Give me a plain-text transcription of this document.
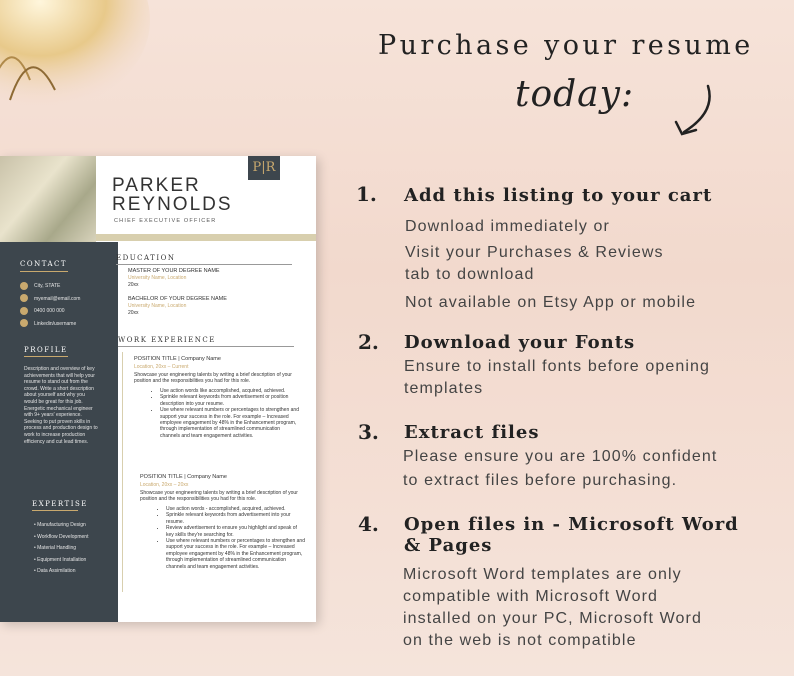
Purchase your resume
today:
P|R
PARKER
REYNOLDS
CHIEF EXECUTIVE OFFICER
CONTACT
City, STATE
myemail@email.com
0400 000 000
Linkedin/username
PROFILE
Description and overview of key achievements that will help your resume to stand out from the crowd. Write a short description about yourself and why you would be great for this job. Energetic mechanical engineer with 9+ years' experience. Seeking to put proven skills in process and production design to work to increase production efficiency and cut lead times.
EXPERTISE
• Manufacturing Design
• Workflow Development
• Material Handling
• Equipment Installation
• Data Assimilation
EDUCATION
MASTER OF YOUR DEGREE NAME
University Name, Location
20xx
BACHELOR OF YOUR DEGREE NAME
University Name, Location
20xx
WORK EXPERIENCE
POSITION TITLE | Company Name
Location, 20xx – Current
Showcase your engineering talents by writing a brief description of your position and the responsibilities you had for this role.
• Use action words like accomplished, acquired, achieved.
• Sprinkle relevant keywords from advertisement or position description into your resume.
• Use where relevant numbers or percentages to strengthen and support your success in the role. For example – Increased employee engagement by 48% in the Enhancement program, through implementation of streamlined communication channels and team engagement activities.
POSITION TITLE | Company Name
Location, 20xx – 20xx
Showcase your engineering talents by writing a brief description of your position and the responsibilities you had for this role.
• Use action words - accomplished, acquired, achieved.
• Sprinkle relevant keywords from advertisement into your resume.
• Review advertisement to ensure you highlight and speak of key skills they're searching for.
• Use where relevant numbers or percentages to strengthen and support your success in the role. For example – Increased employee engagement by 48% in the Enhancement program, through implementation of streamlined communication channels and team engagement activities.
1. Add this listing to your cart
Download immediately or
Visit your Purchases & Reviews
tab to download
Not available on Etsy App or mobile
2. Download your Fonts
Ensure to install fonts before opening
templates
3. Extract files
Please ensure you are 100% confident
to extract files before purchasing.
4. Open files in - Microsoft Word
& Pages
Microsoft Word templates are only
compatible with Microsoft Word
installed on your PC, Microsoft Word
on the web is not compatible
